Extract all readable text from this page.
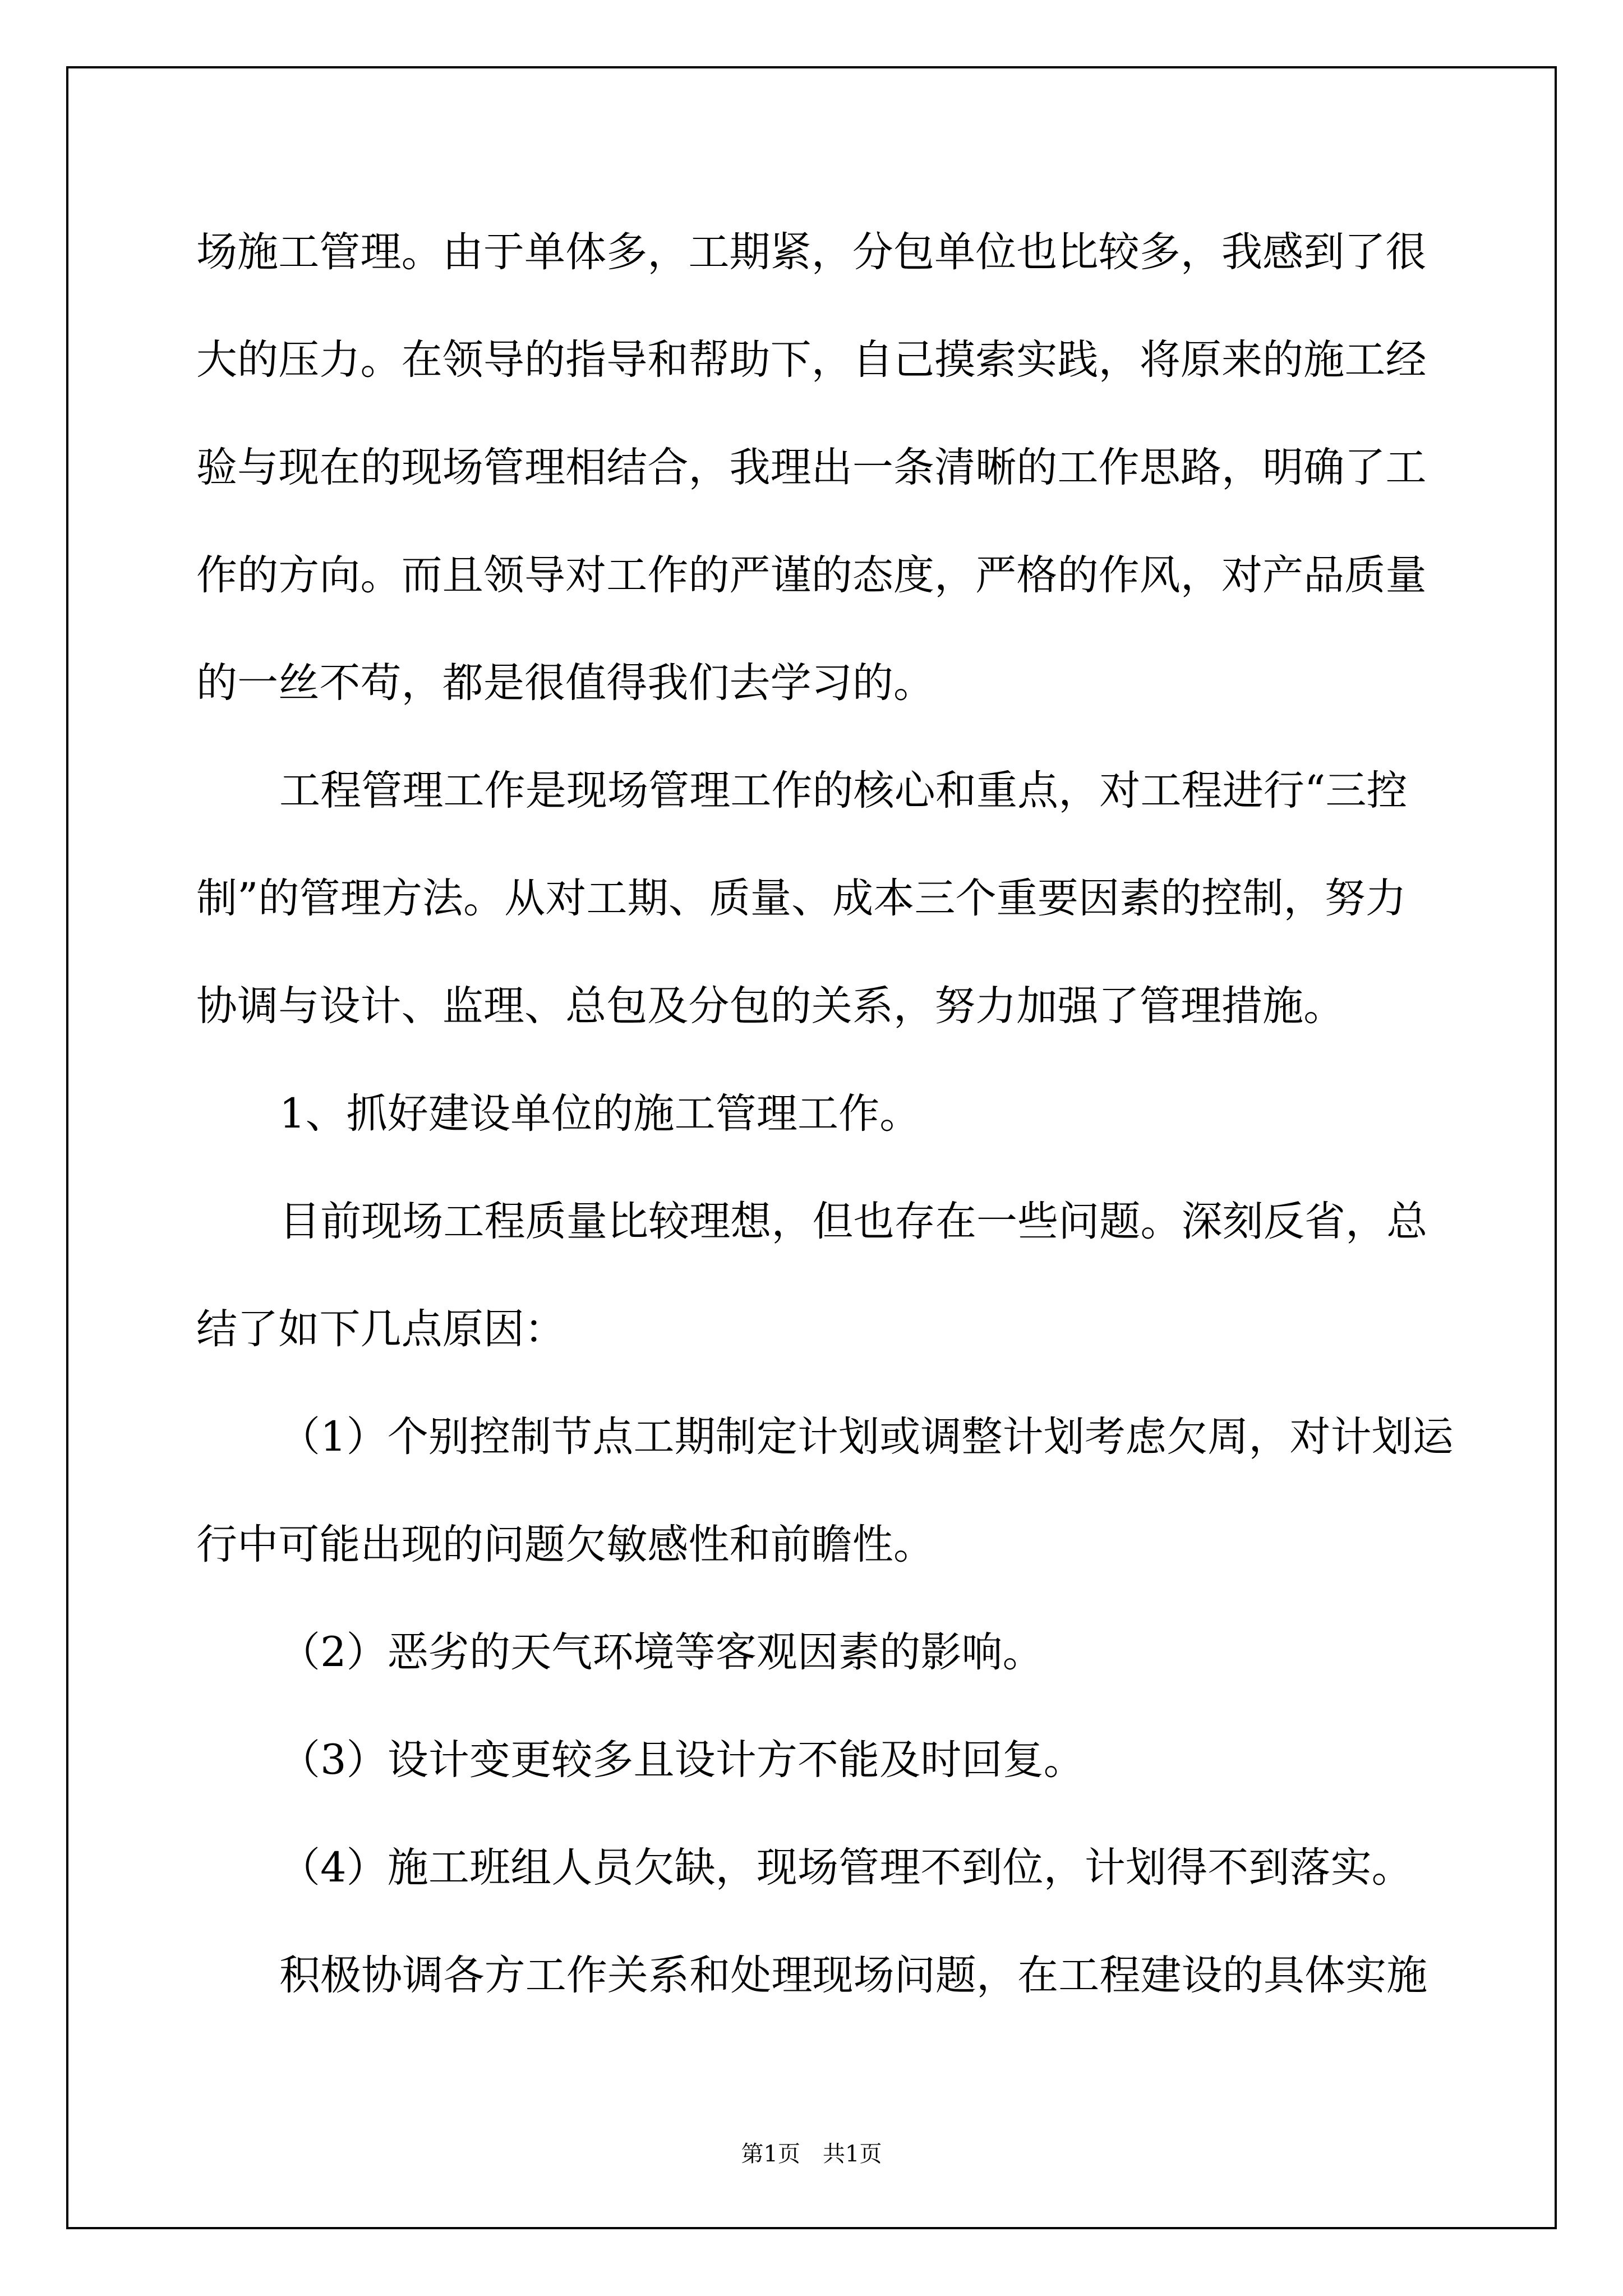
场施工管理。由于单体多，工期紧，分包单位也比较多，我感到了很

大的压力。在领导的指导和帮助下，自己摸索实践，将原来的施工经

验与现在的现场管理相结合，我理出一条清晰的工作思路，明确了工

作的方向。而且领导对工作的严谨的态度，严格的作风，对产品质量

的一丝不苟，都是很值得我们去学习的。

工程管理工作是现场管理工作的核心和重点，对工程进行“三控

制”的管理方法。从对工期、质量、成本三个重要因素的控制，努力

协调与设计、监理、总包及分包的关系，努力加强了管理措施。

1、抓好建设单位的施工管理工作。

目前现场工程质量比较理想，但也存在一些问题。深刻反省，总

结了如下几点原因：

（1）个别控制节点工期制定计划或调整计划考虑欠周，对计划运

行中可能出现的问题欠敏感性和前瞻性。

（2）恶劣的天气环境等客观因素的影响。

（3）设计变更较多且设计方不能及时回复。

（4）施工班组人员欠缺，现场管理不到位，计划得不到落实。

积极协调各方工作关系和处理现场问题，在工程建设的具体实施

第1页　共1页
